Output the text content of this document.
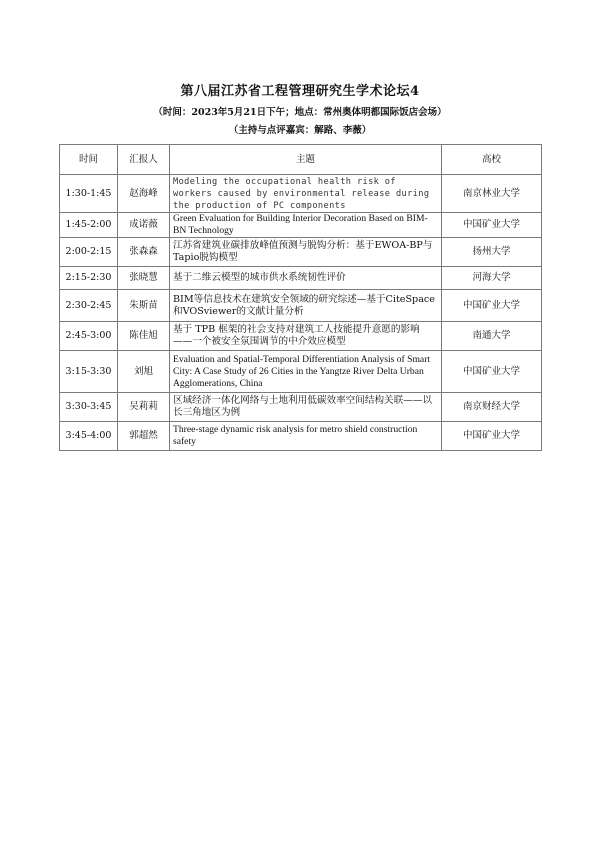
第八届江苏省工程管理研究生学术论坛4
（时间：2023年5月21日下午；地点：常州奥体明都国际饭店会场）
（主持与点评嘉宾：解路、李薇）
时间	汇报人	主题	高校
1:30-1:45	赵海峰	Modeling the occupational health risk of workers caused by environmental release during the production of PC components	南京林业大学
1:45-2:00	成诺薇	Green Evaluation for Building Interior Decoration Based on BIM-BN Technology	中国矿业大学
2:00-2:15	张森森	江苏省建筑业碳排放峰值预测与脱钩分析：基于EWOA-BP与Tapio脱钩模型	扬州大学
2:15-2:30	张晓慧	基于二维云模型的城市供水系统韧性评价	河海大学
2:30-2:45	朱斯苗	BIM等信息技术在建筑安全领域的研究综述—基于CiteSpace和VOSviewer的文献计量分析	中国矿业大学
2:45-3:00	陈佳旭	基于 TPB 框架的社会支持对建筑工人技能提升意愿的影响——一个被安全氛围调节的中介效应模型	南通大学
3:15-3:30	刘旭	Evaluation and Spatial-Temporal Differentiation Analysis of Smart City: A Case Study of 26 Cities in the Yangtze River Delta Urban Agglomerations, China	中国矿业大学
3:30-3:45	吴莉莉	区域经济一体化网络与土地利用低碳效率空间结构关联——以长三角地区为例	南京财经大学
3:45-4:00	郭超然	Three-stage dynamic risk analysis for metro shield construction safety	中国矿业大学
